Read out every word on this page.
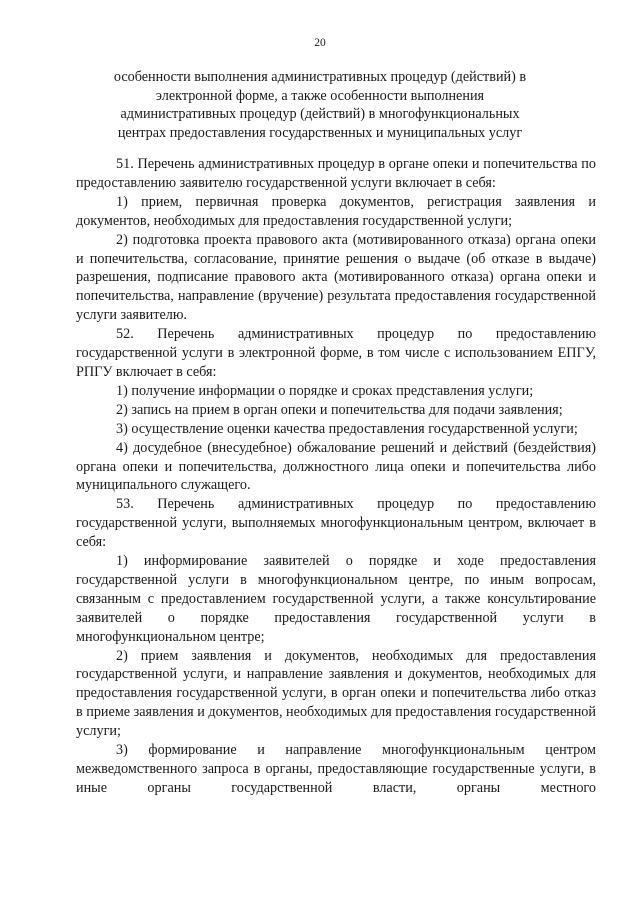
20
особенности выполнения административных процедур (действий) в электронной форме, а также особенности выполнения административных процедур (действий) в многофункциональных центрах предоставления государственных и муниципальных услуг

51. Перечень административных процедур в органе опеки и попечительства по предоставлению заявителю государственной услуги включает в себя:

1) прием, первичная проверка документов, регистрация заявления и документов, необходимых для предоставления государственной услуги;

2) подготовка проекта правового акта (мотивированного отказа) органа опеки и попечительства, согласование, принятие решения о выдаче (об отказе в выдаче) разрешения, подписание правового акта (мотивированного отказа) органа опеки и попечительства, направление (вручение) результата предоставления государственной услуги заявителю.

52. Перечень административных процедур по предоставлению государственной услуги в электронной форме, в том числе с использованием ЕПГУ, РПГУ включает в себя:

1) получение информации о порядке и сроках представления услуги;

2) запись на прием в орган опеки и попечительства для подачи заявления;

3) осуществление оценки качества предоставления государственной услуги;

4) досудебное (внесудебное) обжалование решений и действий (бездействия) органа опеки и попечительства, должностного лица опеки и попечительства либо муниципального служащего.

53. Перечень административных процедур по предоставлению государственной услуги, выполняемых многофункциональным центром, включает в себя:

1) информирование заявителей о порядке и ходе предоставления государственной услуги в многофункциональном центре, по иным вопросам, связанным с предоставлением государственной услуги, а также консультирование заявителей о порядке предоставления государственной услуги в многофункциональном центре;

2) прием заявления и документов, необходимых для предоставления государственной услуги, и направление заявления и документов, необходимых для предоставления государственной услуги, в орган опеки и попечительства либо отказ в приеме заявления и документов, необходимых для предоставления государственной услуги;

3) формирование и направление многофункциональным центром межведомственного запроса в органы, предоставляющие государственные услуги, в иные органы государственной власти, органы местного
